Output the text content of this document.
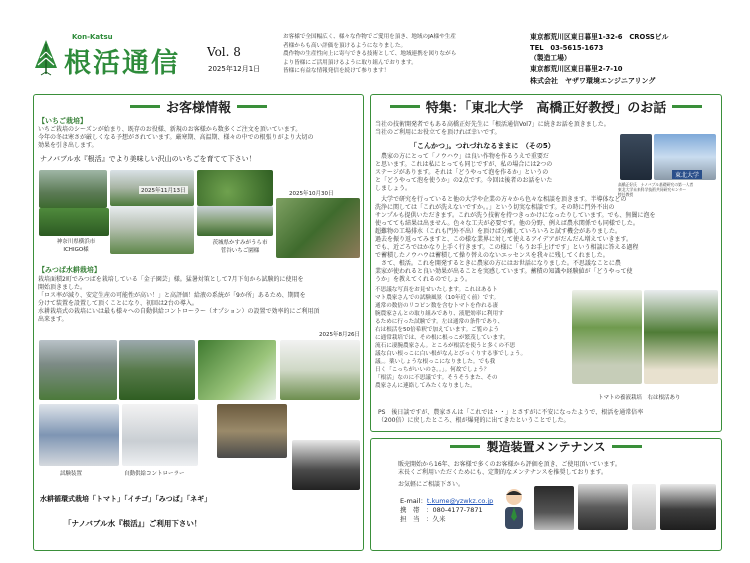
Kon-Katsu
根活通信 Vol. 8
2025年12月1日
お客様で全国幅広く、様々な作物でご愛用を頂き、地域のJA様や生産
者様からも高い評価を頂けるようになりました。
農作物の生産性向上に寄与できる技術として、地域連携を図りながら
より皆様にご活用頂けるように取り組んでおります。
皆様に有益な情報発信を続けて参ります！
東京都荒川区東日暮里1-32-6　CROSSビル
TEL　03-5615-1673
（製造工場）
東京都荒川区東日暮里2-7-10
株式会社　ヤザワ環境エンジニアリング
お客様情報
【いちご栽培】
いちご栽培のシーズンが始まり、既存のお役様、新規のお客様から数多くご注文を頂いています。
今年の冬は寒さが厳しくなる予想がされています。厳寒期、高温期、様々の中での根張りがより大切の
効果を引き出します。
ナノバブル水『根活』でより美味しい沢山のいちごを育てて下さい！
2025年11月13日	2025年10月30日
神奈川県横浜市
ICHIGO様
茨城県かすみがうら市
菅谷いちご園様
【みつば水耕栽培】
栽培面積2町でみつばを栽培している「金子園芸」様。猛暑対策として7月下旬から試験的に使用を
開始頂きました。
「ロス率が減り、安定生産の可能性が高い！」と高評価！給液の系統が「9か所」あるため、期間を
分けて装置を設置して頂くことになり、初回は2台の導入。
水耕栽培式の栽培にいは最も様々への自動供給コントローラー（オプション）の設置で効率的にご利用頂
出来ます。
2025年8月26日
試験装置	自動供給コントローラー
水耕循環式栽培「トマト」「イチゴ」「みつば」「ネギ」
「ナノバブル水『根活』」ご利用下さい！
特集：「東北大学　高橋正好教授」のお話
当社の技術開発者でもある高橋正好先生に「根活通信Vol7」に続きお話を頂きました。
当社のご利用にお役立てを頂ければ幸いです。
「こんかつ」。つれづれなるままに　（その5）
　農家の方にとって「ノウハウ」は良い作物を作るうえで重要だ
と思います。これは私にとっても同じですが、私の場合には2つの
ステージがあります。それは「どうやって泡を作るか」というの
と「どうやって泡を使うか」の2点です。今回は後者のお話をいた
しましょう。
東北大学
高橋正好氏　ナノバブル基礎研究の第一人者
東北大学未来科学技術共同研究センター
特任教授
　大学で研究を行っていると他の大学や企業の方々から色々な相談を頂きます。半導体などの
洗浄に関しては「これが洗えないですか。。」という切実な相談です。その時に門外不出の
サンプルも提供いただきます。これが洗う技術を持つきっかけになったりしています。でも、無闇に泡を
使ってても結果は出ません。色々な工夫が必要です。他の分野、例えば農水関係でも同様でした。
超難物の工場排水（これも門外不出）を頂けば分離していろいろと試す機会がありました。
過去を振り返ってみますと、この様な業界に対して使えるアイデアがだんだん増えていきます。
でも、近ごろではかなり上手く行きます。この様に「もうお手上げです」という相談に答える過程
で蓄積したノウハウは蓄積して操り替えのないエッセンスを我々に残してくれました。
　さて、根活。これを開発するときに農家の方にはお世話になりました。不思議なことに農
業家が使われると良い効果が出ることを実感しています。蓄積の知識や経験値が「どうやって使
うか」を教えてくれるのでしょう。
不思議な写真をお見せいたします。これはあるト
マト農家さんでの試験風景（10年近く前）です。
通常の数倍のリコピン数を含むトマトを作れる凄
腕農家さんとの取り組みであり、液肥効率に利用す
るために行った試験です。左は通常の条件であり、
右は根活を50倍希釈で加えています。ご覧のよう
に通常栽培では、その根に根っこが繁茂しています。
流石に凄腕農家さん。ところが根活を使うと多くの不思
議な白い根っこに白い根がなんとびっくりする事でしょう。
議。。薬いしょうな根っこになりました。でも我
日く「こっちがいいのさ。。」。何故でしょう？
「根活」なのに不思議です。そうそうまた、その
農家さんに連絡してみたくなりました。
トマトの養液栽培　右は根活あり
PS　後日談ですが、農家さんは「これでは・・」とさすがに不安になったようで、根活を通常倍率
（200倍）に戻したところ、根が爆発的に出てきたということでした。
製造装置メンテナンス
販売開始から16年、お客様で多くのお客様から評価を頂き、ご使用頂いています。
末長くご利用いただくためにも、定期的なメンテナンスを推奨しております。
お気軽にご相談下さい。
E-mail：t.kume@yzwkz.co.jp
携　帯　：080-4177-7871
担　当　：久米
